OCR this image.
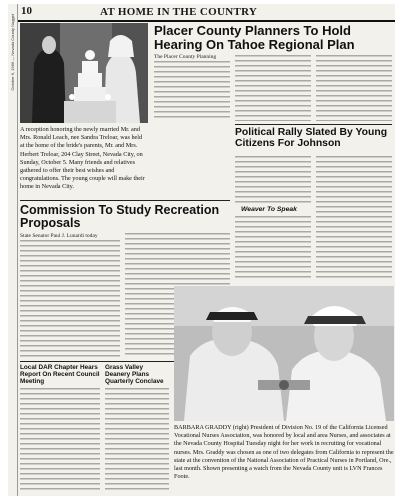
October 6, 1966 — Nevada County Nugget
10	AT HOME IN THE COUNTRY
A reception honoring the newly married Mr. and Mrs. Ronald Leach, nee Sandra Treloar, was held at the home of the bride's parents, Mr. and Mrs. Herbert Treloar, 204 Clay Street, Nevada City, on Sunday, October 5. Many friends and relatives gathered to offer their best wishes and congratulations. The young couple will make their home in Nevada City.
Placer County Planners To Hold Hearing On Tahoe Regional Plan
The Placer County Planning
Political Rally Slated By Young Citizens For Johnson
Weaver To Speak
Commission To Study Recreation Proposals
State Senator Paul J. Lunardi today
Local DAR Chapter Hears Report On Recent Council Meeting
Grass Valley Deanery Plans Quarterly Conclave
BARBARA GRADDY (right) President of Division No. 19 of the California Licensed Vocational Nurses Association, was honored by local and area Nurses, and associates at the Nevada County Hospital Tuesday night for her work in recruiting for vocational nurses. Mrs. Graddy was chosen as one of two delegates from California to represent the state at the convention of the National Association of Practical Nurses in Portland, Ore., last month. Shown presenting a watch from the Nevada County unit is LVN Frances Foote.
